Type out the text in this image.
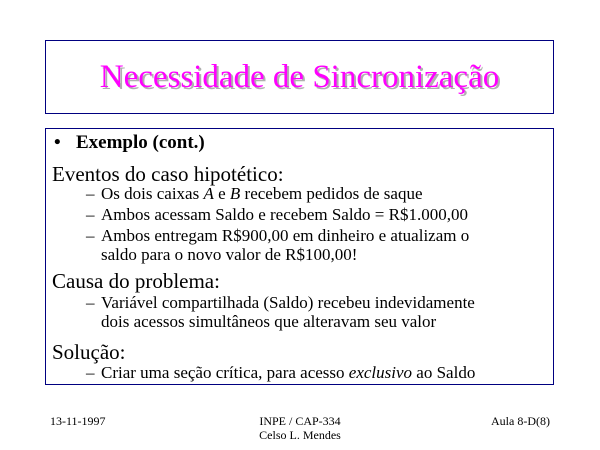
Necessidade de Sincronização
• Exemplo (cont.)
Eventos do caso hipotético:
– Os dois caixas A e B recebem pedidos de saque
– Ambos acessam Saldo e recebem Saldo = R$1.000,00
– Ambos entregam R$900,00 em dinheiro e atualizam o
saldo para o novo valor de R$100,00!
Causa do problema:
– Variável compartilhada (Saldo) recebeu indevidamente
dois acessos simultâneos que alteravam seu valor
Solução:
– Criar uma seção crítica, para acesso exclusivo ao Saldo
13-11-1997	INPE / CAP-334
Celso L. Mendes
Aula 8-D(8)
